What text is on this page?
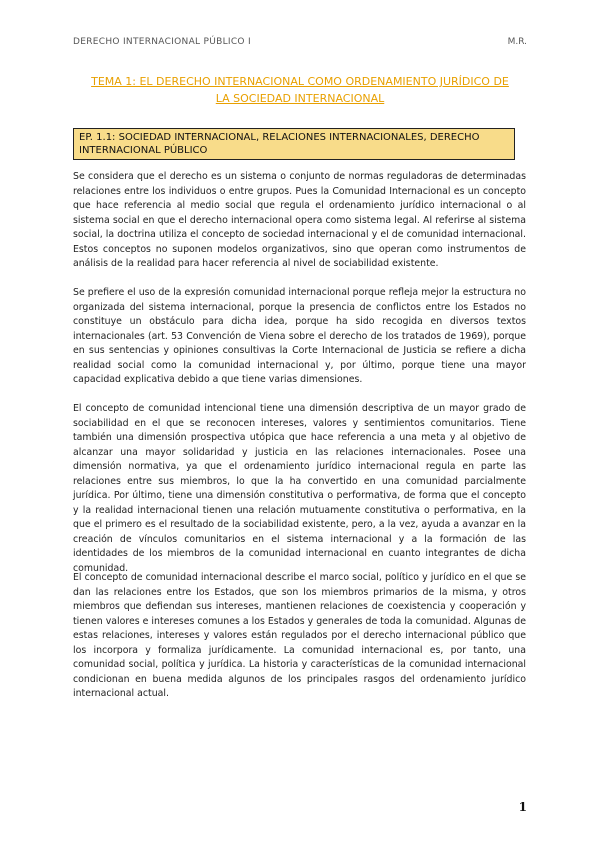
DERECHO INTERNACIONAL PÚBLICO I	M.R.
TEMA 1: EL DERECHO INTERNACIONAL COMO ORDENAMIENTO JURÍDICO DE LA SOCIEDAD INTERNACIONAL
EP. 1.1: SOCIEDAD INTERNACIONAL, RELACIONES INTERNACIONALES, DERECHO INTERNACIONAL PÚBLICO
Se considera que el derecho es un sistema o conjunto de normas reguladoras de determinadas relaciones entre los individuos o entre grupos. Pues la Comunidad Internacional es un concepto que hace referencia al medio social que regula el ordenamiento jurídico internacional o al sistema social en que el derecho internacional opera como sistema legal. Al referirse al sistema social, la doctrina utiliza el concepto de sociedad internacional y el de comunidad internacional. Estos conceptos no suponen modelos organizativos, sino que operan como instrumentos de análisis de la realidad para hacer referencia al nivel de sociabilidad existente.
Se prefiere el uso de la expresión comunidad internacional porque refleja mejor la estructura no organizada del sistema internacional, porque la presencia de conflictos entre los Estados no constituye un obstáculo para dicha idea, porque ha sido recogida en diversos textos internacionales (art. 53 Convención de Viena sobre el derecho de los tratados de 1969), porque en sus sentencias y opiniones consultivas la Corte Internacional de Justicia se refiere a dicha realidad social como la comunidad internacional y, por último, porque tiene una mayor capacidad explicativa debido a que tiene varias dimensiones.
El concepto de comunidad intencional tiene una dimensión descriptiva de un mayor grado de sociabilidad en el que se reconocen intereses, valores y sentimientos comunitarios. Tiene también una dimensión prospectiva utópica que hace referencia a una meta y al objetivo de alcanzar una mayor solidaridad y justicia en las relaciones internacionales. Posee una dimensión normativa, ya que el ordenamiento jurídico internacional regula en parte las relaciones entre sus miembros, lo que la ha convertido en una comunidad parcialmente jurídica. Por último, tiene una dimensión constitutiva o performativa, de forma que el concepto y la realidad internacional tienen una relación mutuamente constitutiva o performativa, en la que el primero es el resultado de la sociabilidad existente, pero, a la vez, ayuda a avanzar en la creación de vínculos comunitarios en el sistema internacional y a la formación de las identidades de los miembros de la comunidad internacional en cuanto integrantes de dicha comunidad.
El concepto de comunidad internacional describe el marco social, político y jurídico en el que se dan las relaciones entre los Estados, que son los miembros primarios de la misma, y otros miembros que defiendan sus intereses, mantienen relaciones de coexistencia y cooperación y tienen valores e intereses comunes a los Estados y generales de toda la comunidad. Algunas de estas relaciones, intereses y valores están regulados por el derecho internacional público que los incorpora y formaliza jurídicamente. La comunidad internacional es, por tanto, una comunidad social, política y jurídica. La historia y características de la comunidad internacional condicionan en buena medida algunos de los principales rasgos del ordenamiento jurídico internacional actual.
1
